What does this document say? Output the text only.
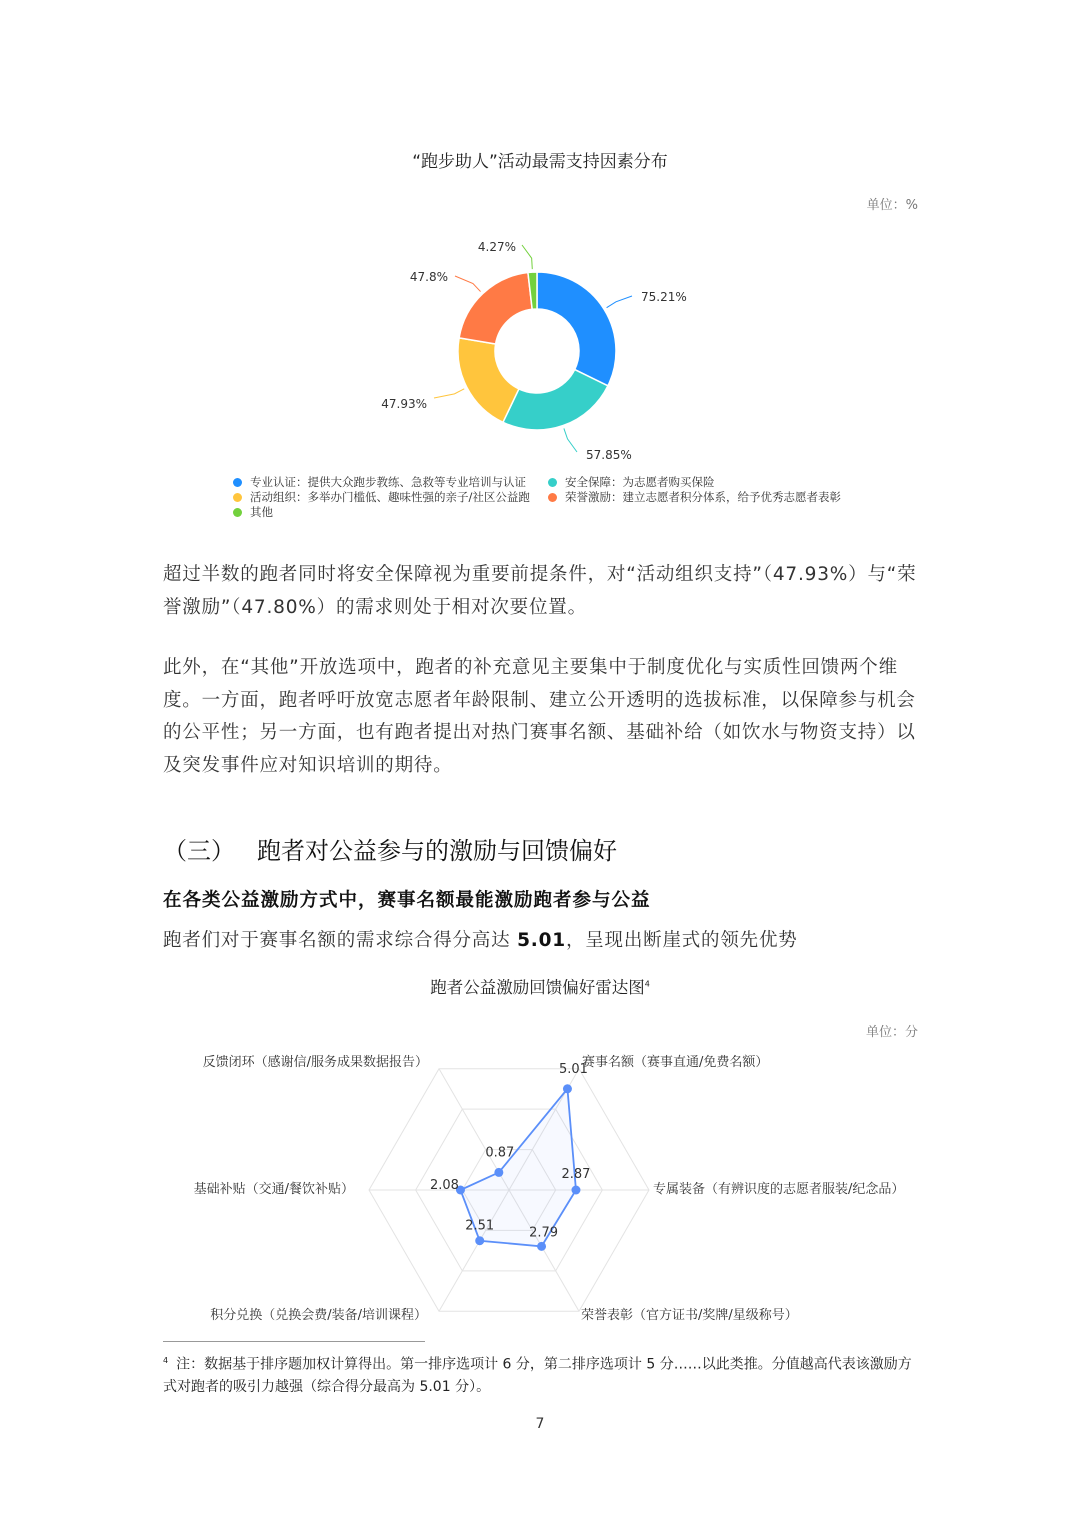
“跑步助人”活动最需支持因素分布
单位：%
75.21%
57.85%
47.93%
47.8%
4.27%
专业认证：提供大众跑步教练、急救等专业培训与认证	安全保障：为志愿者购买保险
活动组织：多举办门槛低、趣味性强的亲子/社区公益跑	荣誉激励：建立志愿者积分体系，给予优秀志愿者表彰
其他
超过半数的跑者同时将安全保障视为重要前提条件，对“活动组织支持”（47.93%）与“荣誉激励”（47.80%）的需求则处于相对次要位置。
此外，在“其他”开放选项中，跑者的补充意见主要集中于制度优化与实质性回馈两个维度。一方面，跑者呼吁放宽志愿者年龄限制、建立公开透明的选拔标准，以保障参与机会的公平性；另一方面，也有跑者提出对热门赛事名额、基础补给（如饮水与物资支持）以及突发事件应对知识培训的期待。
（三） 跑者对公益参与的激励与回馈偏好
在各类公益激励方式中，赛事名额最能激励跑者参与公益
跑者们对于赛事名额的需求综合得分高达 5.01，呈现出断崖式的领先优势
跑者公益激励回馈偏好雷达图$^4$
单位：分
5.01
2.87
2.79
2.51
2.08
0.87
赛事名额（赛事直通/免费名额）
专属装备（有辨识度的志愿者服装/纪念品）
荣誉表彰（官方证书/奖牌/星级称号）
积分兑换（兑换会费/装备/培训课程）
基础补贴（交通/餐饮补贴）
反馈闭环（感谢信/服务成果数据报告）
$^4$ 注：数据基于排序题加权计算得出。第一排序选项计 6 分，第二排序选项计 5 分……以此类推。分值越高代表该激励方式对跑者的吸引力越强（综合得分最高为 5.01 分）。
7
